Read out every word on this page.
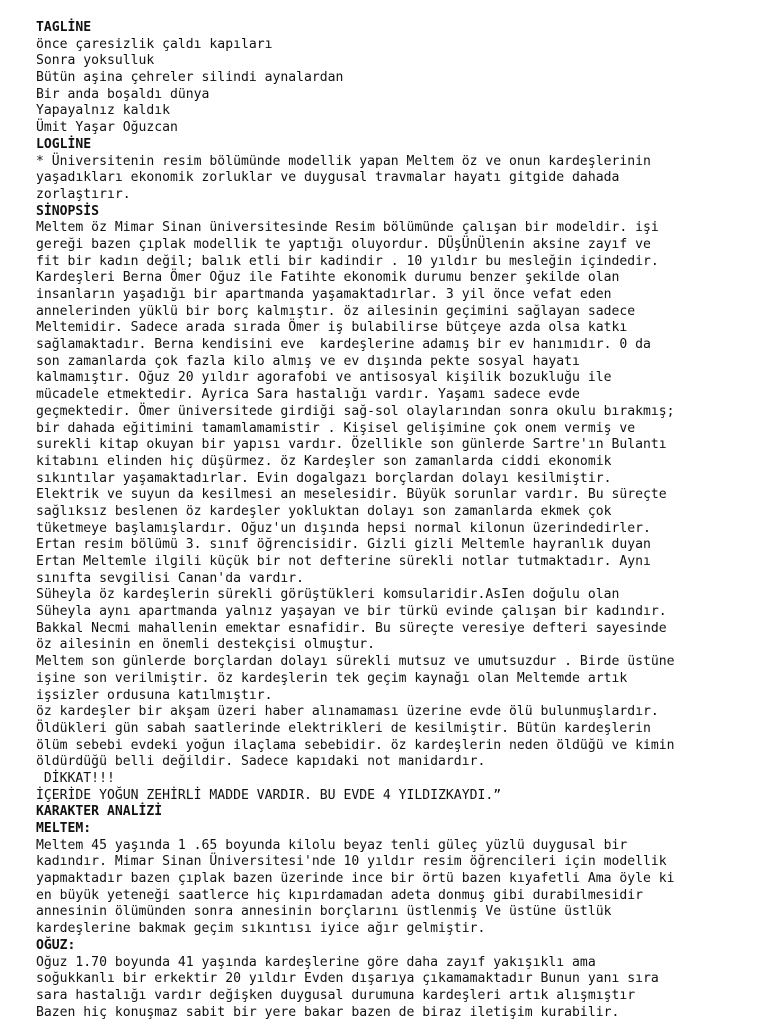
TAGLİNE
önce çaresizlik çaldı kapıları
Sonra yoksulluk
Bütün aşina çehreler silindi aynalardan
Bir anda boşaldı dünya
Yapayalnız kaldık
Ümit Yaşar Oğuzcan
LOGLİNE
* Üniversitenin resim bölümünde modellik yapan Meltem öz ve onun kardeşlerinin
yaşadıkları ekonomik zorluklar ve duygusal travmalar hayatı gitgide dahada
zorlaştırır.
SİNOPSİS
Meltem öz Mimar Sinan üniversitesinde Resim bölümünde çalışan bir modeldir. işi
gereği bazen çıplak modellik te yaptığı oluyordur. DÜşÜnÜlenin aksine zayıf ve
fit bir kadın değil; balık etli bir kadindir . 10 yıldır bu mesleğin içindedir.
Kardeşleri Berna Ömer Oğuz ile Fatihte ekonomik durumu benzer şekilde olan
insanların yaşadığı bir apartmanda yaşamaktadırlar. 3 yil önce vefat eden
annelerinden yüklü bir borç kalmıştır. öz ailesinin geçimini sağlayan sadece
Meltemidir. Sadece arada sırada Ömer iş bulabilirse bütçeye azda olsa katkı
sağlamaktadır. Berna kendisini eve  kardeşlerine adamış bir ev hanımıdır. 0 da
son zamanlarda çok fazla kilo almış ve ev dışında pekte sosyal hayatı
kalmamıştır. Oğuz 20 yıldır agorafobi ve antisosyal kişilik bozukluğu ile
mücadele etmektedir. Ayrica Sara hastalığı vardır. Yaşamı sadece evde
geçmektedir. Ömer üniversitede girdiği sağ-sol olaylarından sonra okulu bırakmış;
bir dahada eğitimini tamamlamamistir . Kişisel gelişimine çok onem vermiş ve
surekli kitap okuyan bir yapısı vardır. Özellikle son günlerde Sartre'ın Bulantı
kitabını elinden hiç düşürmez. öz Kardeşler son zamanlarda ciddi ekonomik
sıkıntılar yaşamaktadırlar. Evin dogalgazı borçlardan dolayı kesilmiştir.
Elektrik ve suyun da kesilmesi an meselesidir. Büyük sorunlar vardır. Bu süreçte
sağlıksız beslenen öz kardeşler yokluktan dolayı son zamanlarda ekmek çok
tüketmeye başlamışlardır. Oğuz'un dışında hepsi normal kilonun üzerindedirler.
Ertan resim bölümü 3. sınıf öğrencisidir. Gizli gizli Meltemle hayranlık duyan
Ertan Meltemle ilgili küçük bir not defterine sürekli notlar tutmaktadır. Aynı
sınıfta sevgilisi Canan'da vardır.
Süheyla öz kardeşlerin sürekli görüştükleri komsularidir.AsIen doğulu olan
Süheyla aynı apartmanda yalnız yaşayan ve bir türkü evinde çalışan bir kadındır.
Bakkal Necmi mahallenin emektar esnafidir. Bu süreçte veresiye defteri sayesinde
öz ailesinin en önemli destekçisi olmuştur.
Meltem son günlerde borçlardan dolayı sürekli mutsuz ve umutsuzdur . Birde üstüne
işine son verilmiştir. öz kardeşlerin tek geçim kaynağı olan Meltemde artık
işsizler ordusuna katılmıştır.
öz kardeşler bir akşam üzeri haber alınamaması üzerine evde ölü bulunmuşlardır.
Öldükleri gün sabah saatlerinde elektrikleri de kesilmiştir. Bütün kardeşlerin
ölüm sebebi evdeki yoğun ilaçlama sebebidir. öz kardeşlerin neden öldüğü ve kimin
öldürdüğü belli değildir. Sadece kapıdaki not manidardır.
DİKKAT!!!
İÇERİDE YOĞUN ZEHİRLİ MADDE VARDIR. BU EVDE 4 YILDIZKAYDI.”
KARAKTER ANALİZİ
MELTEM:
Meltem 45 yaşında 1 .65 boyunda kilolu beyaz tenli güleç yüzlü duygusal bir
kadındır. Mimar Sinan Üniversitesi'nde 10 yıldır resim öğrencileri için modellik
yapmaktadır bazen çıplak bazen üzerinde ince bir örtü bazen kıyafetli Ama öyle ki
en büyük yeteneği saatlerce hiç kıpırdamadan adeta donmuş gibi durabilmesidir
annesinin ölümünden sonra annesinin borçlarını üstlenmiş Ve üstüne üstlük
kardeşlerine bakmak geçim sıkıntısı iyice ağır gelmiştir.
OĞUZ:
Oğuz 1.70 boyunda 41 yaşında kardeşlerine göre daha zayıf yakışıklı ama
soğukkanlı bir erkektir 20 yıldır Evden dışarıya çıkamamaktadır Bunun yanı sıra
sara hastalığı vardır değişken duygusal durumuna kardeşleri artık alışmıştır
Bazen hiç konuşmaz sabit bir yere bakar bazen de biraz iletişim kurabilir.
